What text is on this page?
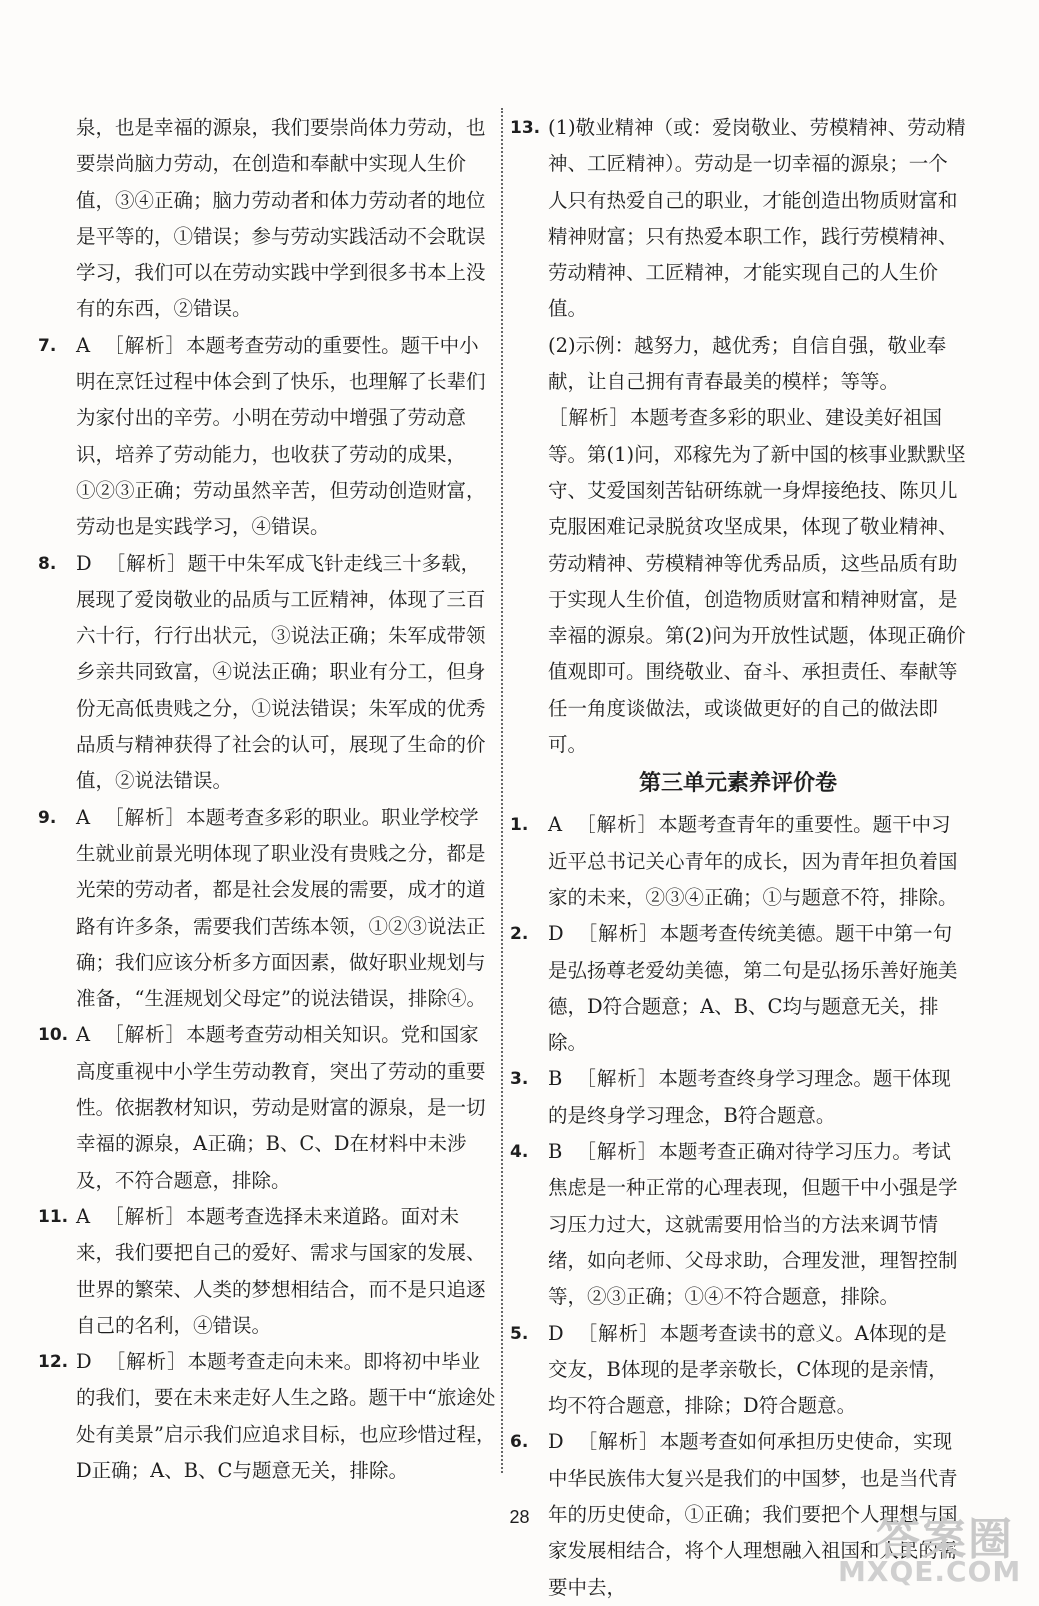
泉，也是幸福的源泉，我们要崇尚体力劳动，也要崇尚脑力劳动，在创造和奉献中实现人生价值，③④正确；脑力劳动者和体力劳动者的地位是平等的，①错误；参与劳动实践活动不会耽误学习，我们可以在劳动实践中学到很多书本上没有的东西，②错误。
7. A ［解析］本题考查劳动的重要性。题干中小明在烹饪过程中体会到了快乐，也理解了长辈们为家付出的辛劳。小明在劳动中增强了劳动意识，培养了劳动能力，也收获了劳动的成果，①②③正确；劳动虽然辛苦，但劳动创造财富，劳动也是实践学习，④错误。
8. D ［解析］题干中朱军成飞针走线三十多载，展现了爱岗敬业的品质与工匠精神，体现了三百六十行，行行出状元，③说法正确；朱军成带领乡亲共同致富，④说法正确；职业有分工，但身份无高低贵贱之分，①说法错误；朱军成的优秀品质与精神获得了社会的认可，展现了生命的价值，②说法错误。
9. A ［解析］本题考查多彩的职业。职业学校学生就业前景光明体现了职业没有贵贱之分，都是光荣的劳动者，都是社会发展的需要，成才的道路有许多条，需要我们苦练本领，①②③说法正确；我们应该分析多方面因素，做好职业规划与准备，“生涯规划父母定”的说法错误，排除④。
10. A ［解析］本题考查劳动相关知识。党和国家高度重视中小学生劳动教育，突出了劳动的重要性。依据教材知识，劳动是财富的源泉，是一切幸福的源泉，A正确；B、C、D在材料中未涉及，不符合题意，排除。
11. A ［解析］本题考查选择未来道路。面对未来，我们要把自己的爱好、需求与国家的发展、世界的繁荣、人类的梦想相结合，而不是只追逐自己的名利，④错误。
12. D ［解析］本题考查走向未来。即将初中毕业的我们，要在未来走好人生之路。题干中“旅途处处有美景”启示我们应追求目标，也应珍惜过程，D正确；A、B、C与题意无关，排除。
13. (1)敬业精神（或：爱岗敬业、劳模精神、劳动精神、工匠精神）。劳动是一切幸福的源泉；一个人只有热爱自己的职业，才能创造出物质财富和精神财富；只有热爱本职工作，践行劳模精神、劳动精神、工匠精神，才能实现自己的人生价值。
(2)示例：越努力，越优秀；自信自强，敬业奉献，让自己拥有青春最美的模样；等等。
［解析］本题考查多彩的职业、建设美好祖国等。第(1)问，邓稼先为了新中国的核事业默默坚守、艾爱国刻苦钻研练就一身焊接绝技、陈贝儿克服困难记录脱贫攻坚成果，体现了敬业精神、劳动精神、劳模精神等优秀品质，这些品质有助于实现人生价值，创造物质财富和精神财富，是幸福的源泉。第(2)问为开放性试题，体现正确价值观即可。围绕敬业、奋斗、承担责任、奉献等任一角度谈做法，或谈做更好的自己的做法即可。
第三单元素养评价卷
1. A ［解析］本题考查青年的重要性。题干中习近平总书记关心青年的成长，因为青年担负着国家的未来，②③④正确；①与题意不符，排除。
2. D ［解析］本题考查传统美德。题干中第一句是弘扬尊老爱幼美德，第二句是弘扬乐善好施美德，D符合题意；A、B、C均与题意无关，排除。
3. B ［解析］本题考查终身学习理念。题干体现的是终身学习理念，B符合题意。
4. B ［解析］本题考查正确对待学习压力。考试焦虑是一种正常的心理表现，但题干中小强是学习压力过大，这就需要用恰当的方法来调节情绪，如向老师、父母求助，合理发泄，理智控制等，②③正确；①④不符合题意，排除。
5. D ［解析］本题考查读书的意义。A体现的是交友，B体现的是孝亲敬长，C体现的是亲情，均不符合题意，排除；D符合题意。
6. D ［解析］本题考查如何承担历史使命，实现中华民族伟大复兴是我们的中国梦，也是当代青年的历史使命，①正确；我们要把个人理想与国家发展相结合，将个人理想融入祖国和人民的需要中去，
28	答案圈
MXQE.COM
